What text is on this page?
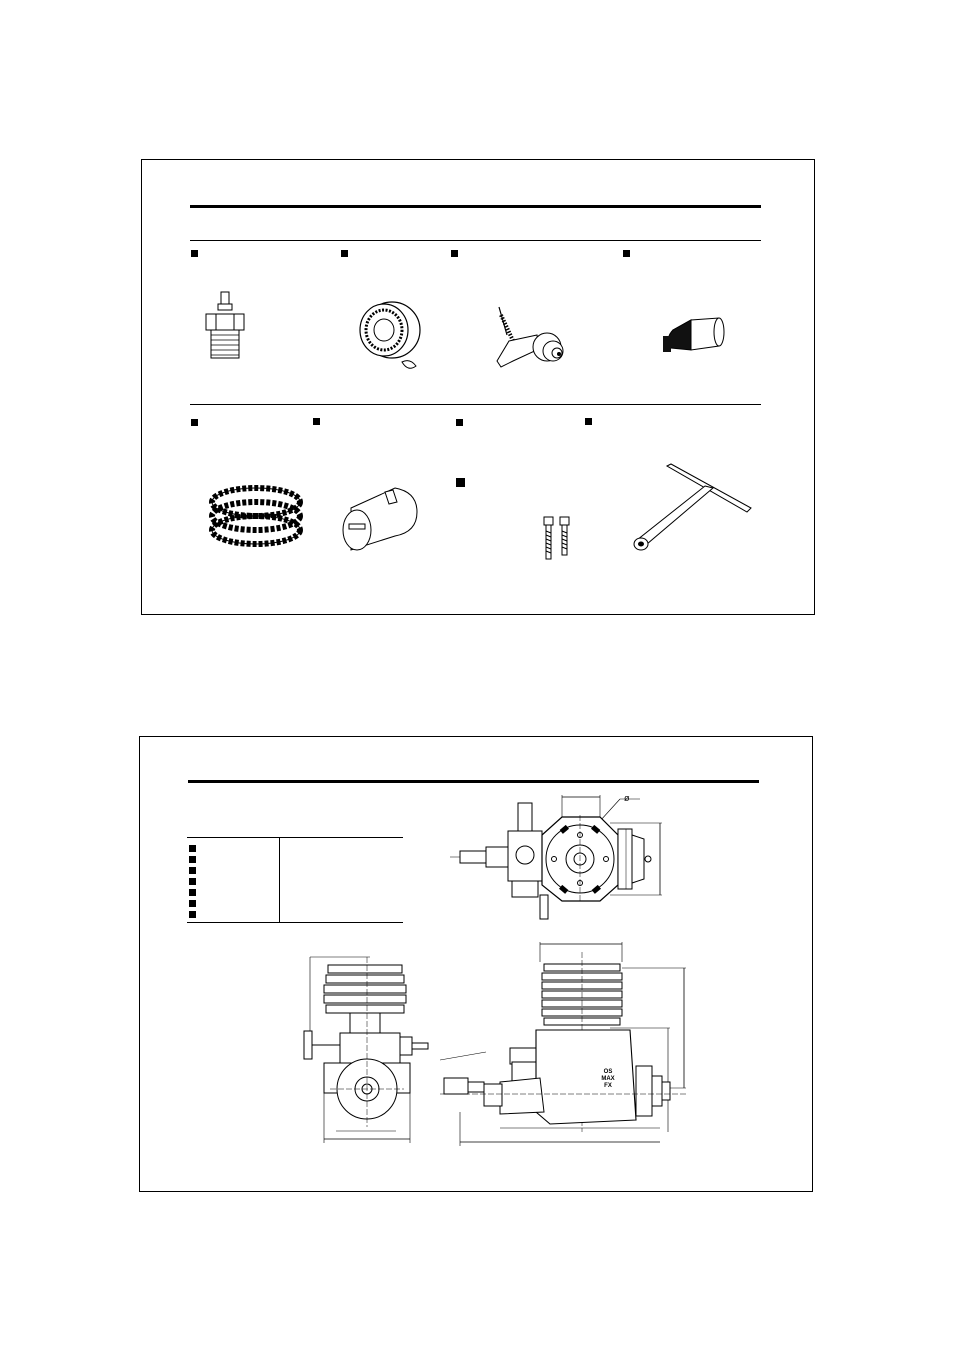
ø
OS
MAX
FX
